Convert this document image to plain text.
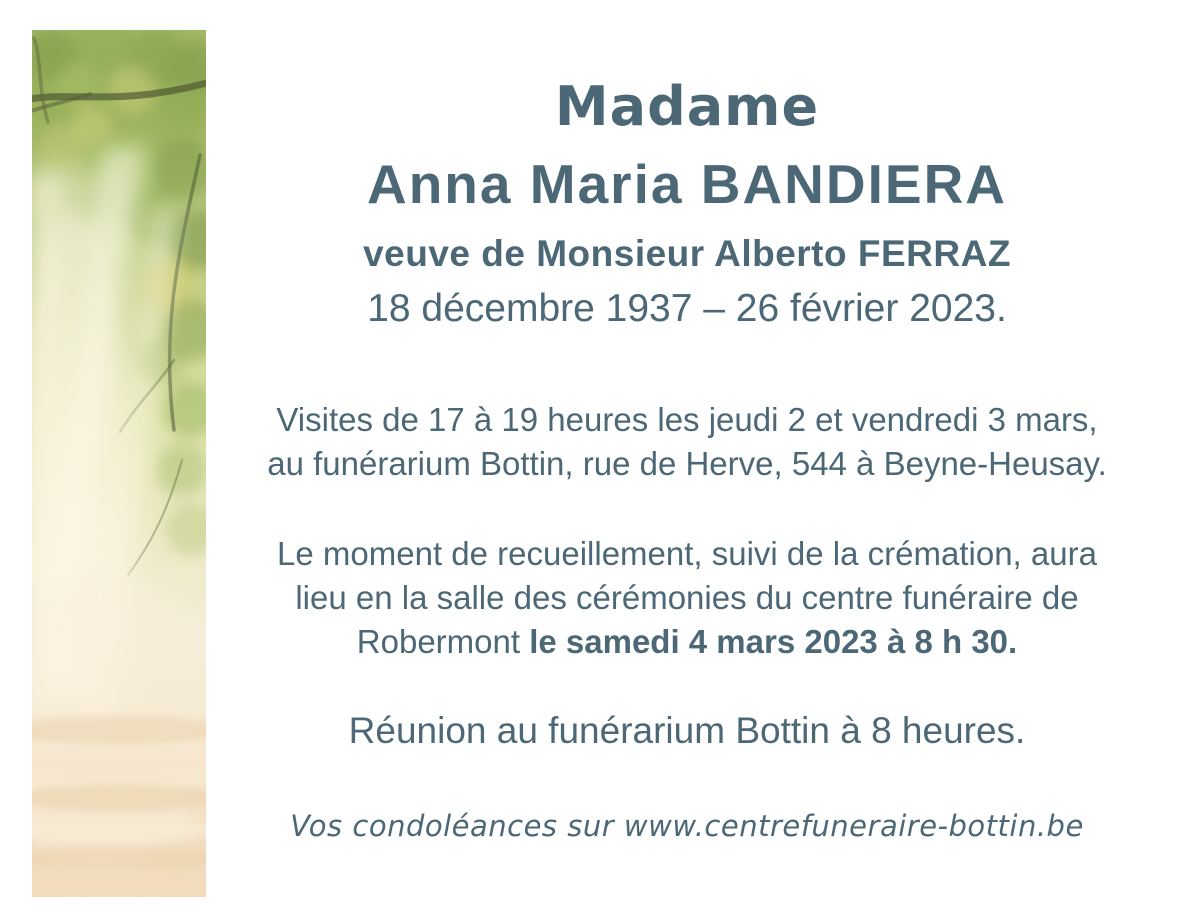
Madame
Anna Maria BANDIERA
veuve de Monsieur Alberto FERRAZ
18 décembre 1937 – 26 février 2023.
Visites de 17 à 19 heures les jeudi 2 et vendredi 3 mars,
au funérarium Bottin, rue de Herve, 544 à Beyne-Heusay.
Le moment de recueillement, suivi de la crémation, aura
lieu en la salle des cérémonies du centre funéraire de
Robermont le samedi 4 mars 2023 à 8 h 30.
Réunion au funérarium Bottin à 8 heures.
Vos condoléances sur www.centrefuneraire-bottin.be
